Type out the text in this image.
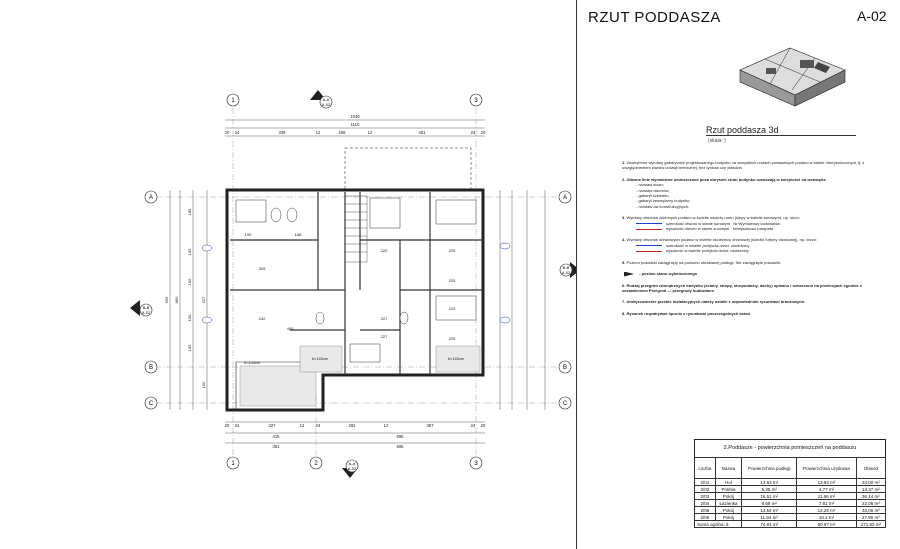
1	3
1	2	3
A
B
C
A
B
C
A-A
A-02
A-A
A-02
B-B
A-02
B-B
A-02
1046
1110
20 24	339	12	208	12	451	24 20
20 24	327	12	24	292	12	367	24 20
415	695
351	695
905 860
185
100
100
150
100
327
150
190	188
220	225
329
225
242
400
227
225
227	225
h=140cm
h=140cm
h=140cm
RZUT PODDASZA	A-02
Rzut poddasza 3d
(skala: )
1. Zewnętrzne wymiary gabarytowe projektowanego budynku na wszystkich rzutach podawanych podano w stanie niewykończonym, tj. z uwzględnieniem warstw izolacji termicznej, bez tynków czy okładzin.
2. Główne linie wymiarowe umieszczone poza obrysem rzutu budynku oznaczają w kolejności od wewnątrz:
- rozstaw ścian;
- rozstaw otworów;
- gabaryt szkieletu;
- gabaryt zewnętrzny budynku;
- rozstaw osi konstrukcyjnych;
3. Wymiary otworów okiennych podano w świetle ościeży muru (ślepy w świetle surowym), np. okno:
szerokość otworu w stanie surowym Nr/Wymiarowy kodowania
wysokość otworu w stanie surowym Nr/wysokości parapetu
4. Wymiary otworów drzwiowych podano w świetle ościeżnicy drzwiowej (ścieżki futryny drzwiowej), np. drzwi:
szerokość w świetle przejścia drzwi, ościeżnicy
wysokość w świetle przejścia drzwi, ościeżnicy
5. Poziom posadzki zaciągnięty od poziomu obrabianej podłogi. Nie zaciągnięte posadzki.
- poziom stanu wykończonego
6. Rodzaj przegród zewnętrznych budynku (ściany, stropy, stropodachy, dachy) opisano i oznaczono na przekrojach zgodnie z zestawieniem Przegród — przegrody budowlane.
7. Umiejscowienie przebić instalacyjnych należy ustalić z odpowiednimi rysunkami branżowymi.
8. Rysunek rozpatrywać łącznie z rysunkami poszczególnych branż.
2.Poddasze - powierzchnia pomieszczeń na poddaszu
Liczba	Nazwa	Powierzchnia podłogi	Powierzchnia użytkowa	Obwód
2/01	Hol	13.84 m²	13.84 m²	24.00 m²
2/02	Pralnia	5.35 m²	4.77 m²	13.37 m²
2/03	Pokój	16.51 m²	11.66 m²	36.14 m²
2/04	Łazienka	9.68 m²	7.81 m²	22.06 m²
2/05	Pokój	14.54 m²	12.29 m²	33.06 m²
2/06	Pokój	11.84 m²	10.1 m²	27.96 m²
Suma ogólna: 6		74.81 m²	60.97 m²	171.82 m²
